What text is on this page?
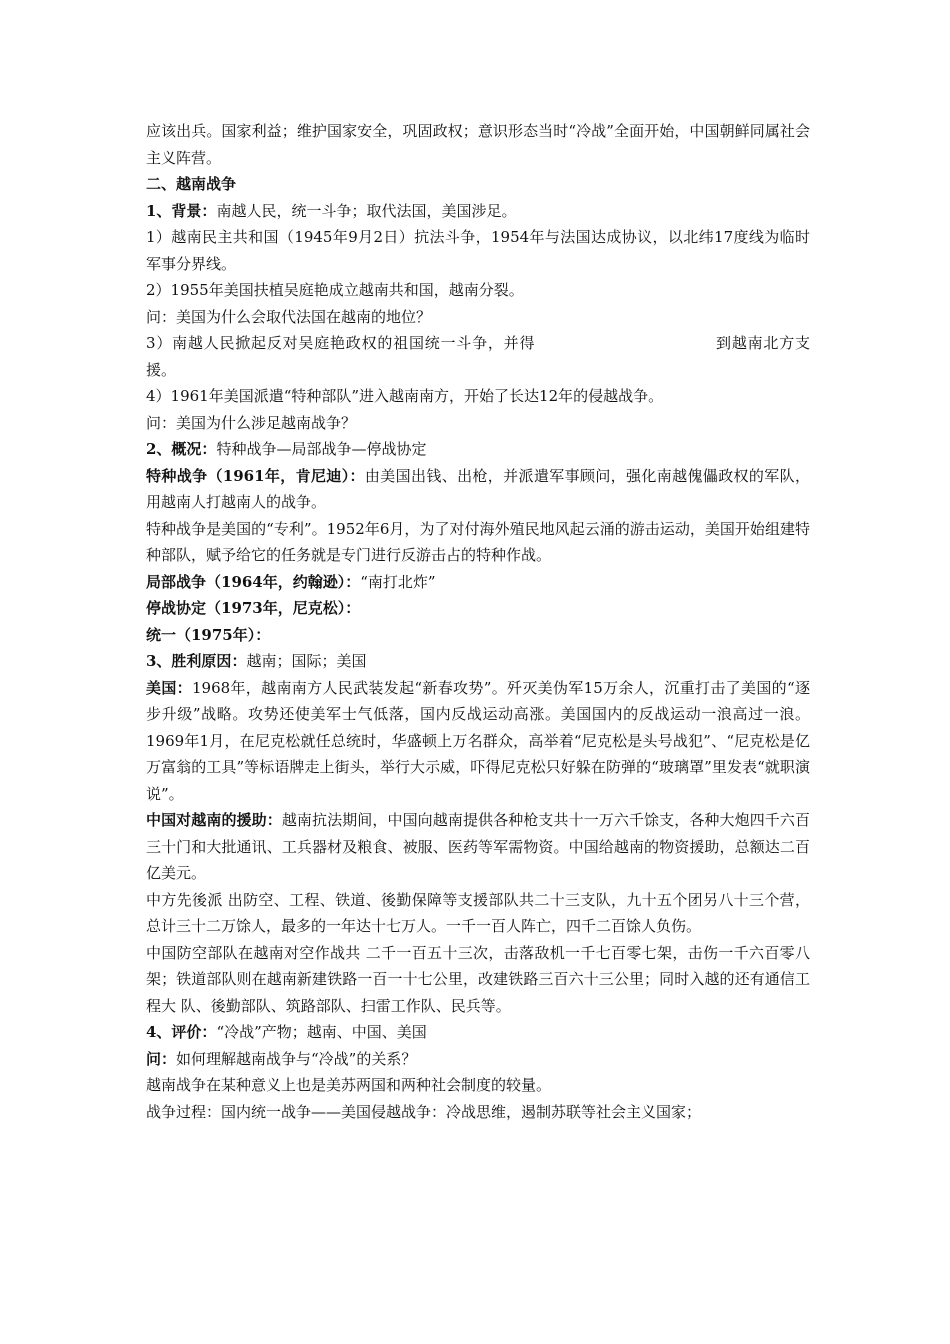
应该出兵。国家利益；维护国家安全，巩固政权；意识形态当时“冷战”全面开始，中国朝鲜同属社会主义阵营。

二、越南战争

1、背景：南越人民，统一斗争；取代法国，美国涉足。

1）越南民主共和国（1945年9月2日）抗法斗争，1954年与法国达成协议，以北纬17度线为临时军事分界线。

2）1955年美国扶植吴庭艳成立越南共和国，越南分裂。

问：美国为什么会取代法国在越南的地位？

3）南越人民掀起反对吴庭艳政权的祖国统一斗争，并得	到越南北方支援。

4）1961年美国派遣“特种部队”进入越南南方，开始了长达12年的侵越战争。

问：美国为什么涉足越南战争？

2、概况：特种战争—局部战争—停战协定

特种战争（1961年，肯尼迪）：由美国出钱、出枪，并派遣军事顾问，强化南越傀儡政权的军队，用越南人打越南人的战争。

特种战争是美国的“专利”。1952年6月，为了对付海外殖民地风起云涌的游击运动，美国开始组建特种部队，赋予给它的任务就是专门进行反游击占的特种作战。

局部战争（1964年，约翰逊）：“南打北炸”

停战协定（1973年，尼克松）：

统一（1975年）：

3、胜利原因：越南；国际；美国

美国：1968年，越南南方人民武装发起“新春攻势”。歼灭美伪军15万余人，沉重打击了美国的“逐步升级”战略。攻势还使美军士气低落，国内反战运动高涨。美国国内的反战运动一浪高过一浪。1969年1月，在尼克松就任总统时，华盛顿上万名群众，高举着“尼克松是头号战犯”、“尼克松是亿万富翁的工具”等标语牌走上街头，举行大示威，吓得尼克松只好躲在防弹的“玻璃罩”里发表“就职演说”。

中国对越南的援助：越南抗法期间，中国向越南提供各种枪支共十一万六千馀支，各种大炮四千六百三十门和大批通讯、工兵器材及粮食、被服、医药等军需物资。中国给越南的物资援助，总额达二百亿美元。

中方先後派 出防空、工程、铁道、後勤保障等支援部队共二十三支队，九十五个团另八十三个营，总计三十二万馀人，最多的一年达十七万人。一千一百人阵亡，四千二百馀人负伤。

中国防空部队在越南对空作战共 二千一百五十三次，击落敌机一千七百零七架，击伤一千六百零八架；铁道部队则在越南新建铁路一百一十七公里，改建铁路三百六十三公里；同时入越的还有通信工程大 队、後勤部队、筑路部队、扫雷工作队、民兵等。

4、评价：“冷战”产物；越南、中国、美国

问：如何理解越南战争与“冷战”的关系？

越南战争在某种意义上也是美苏两国和两种社会制度的较量。

战争过程：国内统一战争——美国侵越战争：冷战思维，遏制苏联等社会主义国家；
